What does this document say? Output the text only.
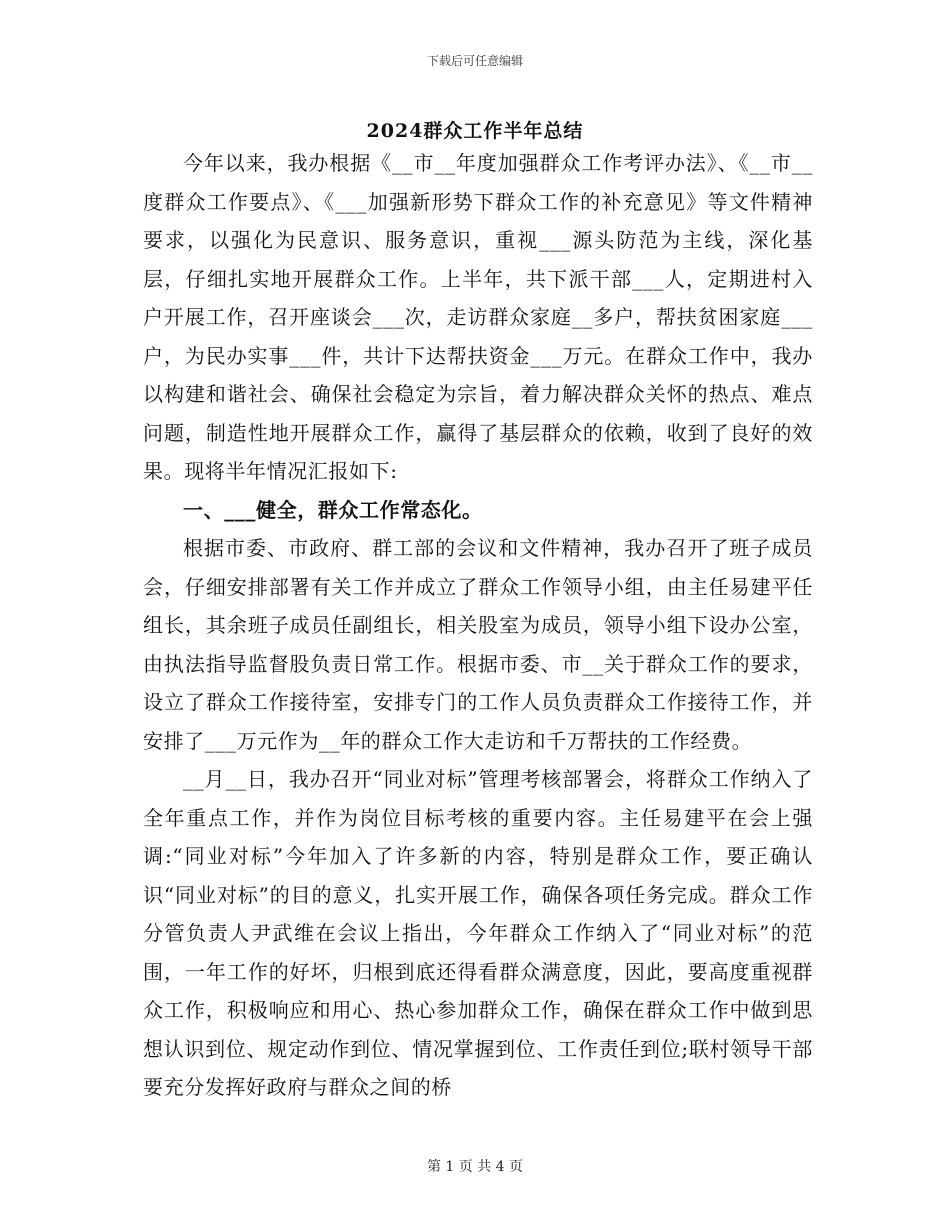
下载后可任意编辑
2024群众工作半年总结

今年以来，我办根据《__市__年度加强群众工作考评办法》、《__市__度群众工作要点》、《___加强新形势下群众工作的补充意见》等文件精神要求，以强化为民意识、服务意识，重视___源头防范为主线，深化基层，仔细扎实地开展群众工作。上半年，共下派干部___人，定期进村入户开展工作，召开座谈会___次，走访群众家庭__多户，帮扶贫困家庭___户，为民办实事___件，共计下达帮扶资金___万元。在群众工作中，我办以构建和谐社会、确保社会稳定为宗旨，着力解决群众关怀的热点、难点问题，制造性地开展群众工作，赢得了基层群众的依赖，收到了良好的效果。现将半年情况汇报如下:

一、___健全，群众工作常态化。

根据市委、市政府、群工部的会议和文件精神，我办召开了班子成员会，仔细安排部署有关工作并成立了群众工作领导小组，由主任易建平任组长，其余班子成员任副组长，相关股室为成员，领导小组下设办公室，由执法指导监督股负责日常工作。根据市委、市__关于群众工作的要求，设立了群众工作接待室，安排专门的工作人员负责群众工作接待工作，并安排了___万元作为__年的群众工作大走访和千万帮扶的工作经费。

__月__日，我办召开“同业对标”管理考核部署会，将群众工作纳入了全年重点工作，并作为岗位目标考核的重要内容。主任易建平在会上强调:“同业对标”今年加入了许多新的内容，特别是群众工作，要正确认识“同业对标”的目的意义，扎实开展工作，确保各项任务完成。群众工作分管负责人尹武维在会议上指出，今年群众工作纳入了“同业对标”的范围，一年工作的好坏，归根到底还得看群众满意度，因此，要高度重视群众工作，积极响应和用心、热心参加群众工作，确保在群众工作中做到思想认识到位、规定动作到位、情况掌握到位、工作责任到位;联村领导干部要充分发挥好政府与群众之间的桥

第 1 页 共 4 页
